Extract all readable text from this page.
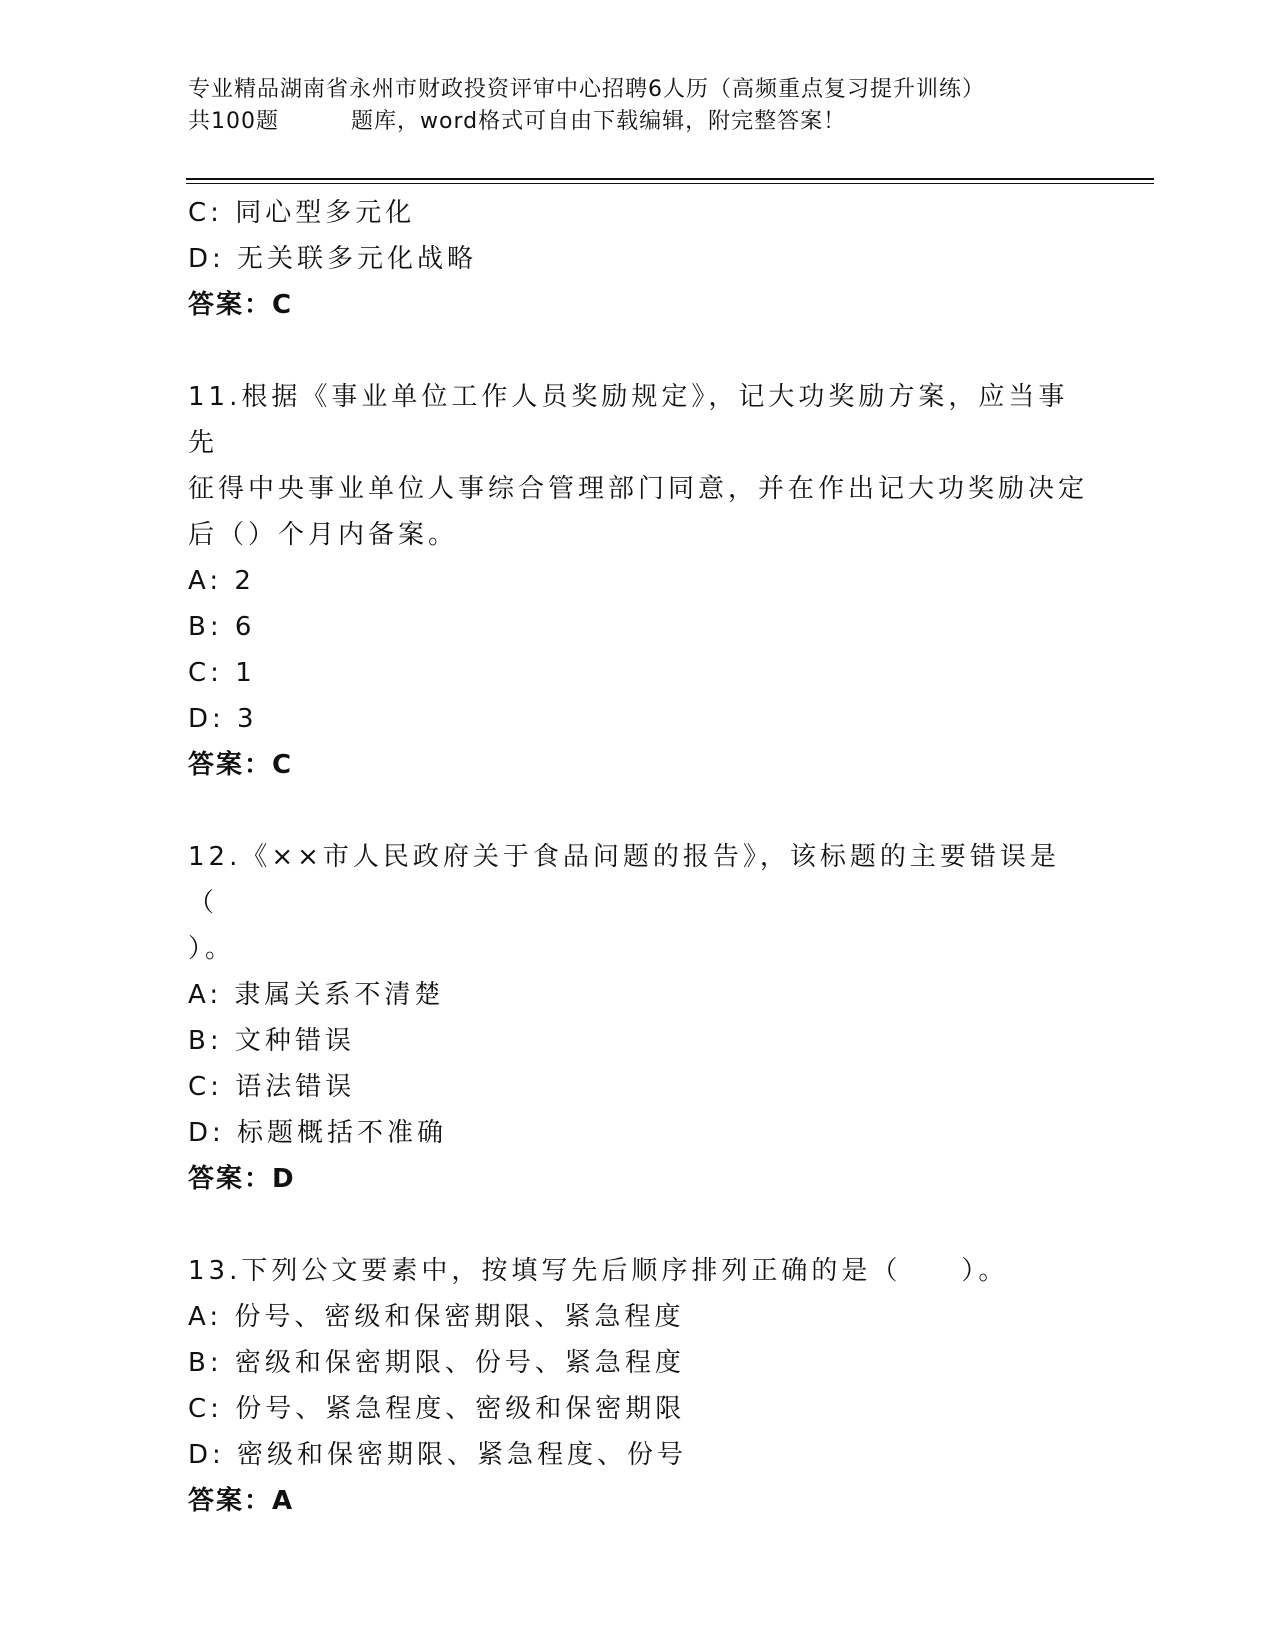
专业精品湖南省永州市财政投资评审中心招聘6人历（高频重点复习提升训练）
共100题	题库，word格式可自由下载编辑，附完整答案！
C: 同心型多元化
D: 无关联多元化战略
答案：C
11.根据《事业单位工作人员奖励规定》，记大功奖励方案，应当事先
征得中央事业单位人事综合管理部门同意，并在作出记大功奖励决定
后（）个月内备案。
A: 2
B: 6
C: 1
D: 3
答案：C
12.《××市人民政府关于食品问题的报告》，该标题的主要错误是（
）。
A: 隶属关系不清楚
B: 文种错误
C: 语法错误
D: 标题概括不准确
答案：D
13.下列公文要素中，按填写先后顺序排列正确的是（　　）。
A: 份号、密级和保密期限、紧急程度
B: 密级和保密期限、份号、紧急程度
C: 份号、紧急程度、密级和保密期限
D: 密级和保密期限、紧急程度、份号
答案：A
